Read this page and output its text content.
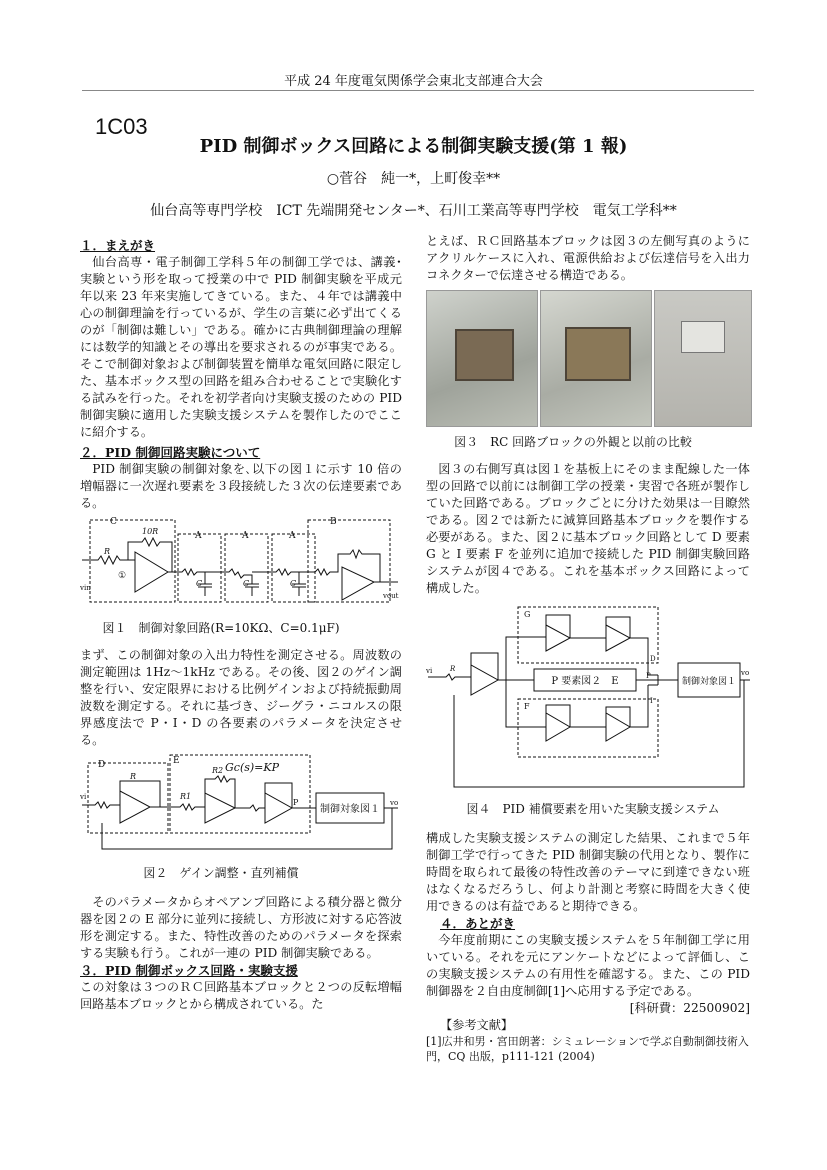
平成 24 年度電気関係学会東北支部連合大会
1C03
PID 制御ボックス回路による制御実験支援(第 1 報)
○菅谷　純一*，上町俊幸**
仙台高等専門学校　ICT 先端開発センター*、石川工業高等専門学校　電気工学科**
１．まえがき

仙台高専・電子制御工学科５年の制御工学では、講義･実験という形を取って授業の中で PID 制御実験を平成元年以来 23 年来実施してきている。また、４年では講義中心の制御理論を行っているが、学生の言葉に必ず出てくるのが「制御は難しい」である。確かに古典制御理論の理解には数学的知識とその導出を要求されるのが事実である。そこで制御対象および制御装置を簡単な電気回路に限定した、基本ボックス型の回路を組み合わせることで実験化する試みを行った。それを初学者向け実験支援のための PID 制御実験に適用した実験支援システムを製作したのでここに紹介する。

２．PID 制御回路実験について

PID 制御実験の制御対象を､以下の図１に示す 10 倍の増幅器に一次遅れ要素を３段接続した３次の伝達要素である。

C
A	A	A
B
R
10R
①
C	C	C
vin
vout
図１　制御対象回路(R=10KΩ、C=0.1μF)

まず、この制御対象の入出力特性を測定させる。周波数の測定範囲は 1Hz～1kHz である。その後、図２のゲイン調整を行い、安定限界における比例ゲインおよび持続振動周波数を測定する。それに基づき、ジーグラ・ニコルスの限界感度法で P・I・D の各要素のパラメータを決定させる。

D	E	Gc(s)=KP
vi
R
R1
R2
P
制御対象図１
vo
図２　ゲイン調整・直列補償

そのパラメータからオペアンプ回路による積分器と微分器を図２の E 部分に並列に接続し、方形波に対する応答波形を測定する。また、特性改善のためのパラメータを探索する実験も行う。これが一連の PID 制御実験である。

３．PID 制御ボックス回路・実験支援

この対象は３つのＲＣ回路基本ブロックと２つの反転増幅回路基本ブロックとから構成されている。た

とえば、ＲＣ回路基本ブロックは図３の左側写真のようにアクリルケースに入れ、電源供給および伝達信号を入出力コネクターで伝達させる構造である。

図３　RC 回路ブロックの外観と以前の比較

図３の右側写真は図１を基板上にそのまま配線した一体型の回路で以前には制御工学の授業・実習で各班が製作していた回路である。ブロックごとに分けた効果は一目瞭然である。図２では新たに減算回路基本ブロックを製作する必要がある。また、図２に基本ブロック回路として D 要素 G と I 要素 F を並列に追加で接続した PID 制御実験回路システムが図４である。これを基本ボックス回路によって構成した。

G
F
vi	R
D
P 要素図２　E	P
I
制御対象図１
vo
図４　PID 補償要素を用いた実験支援システム

構成した実験支援システムの測定した結果、これまで５年制御工学で行ってきた PID 制御実験の代用となり、製作に時間を取られて最後の特性改善のテーマに到達できない班はなくなるだろうし、何より計測と考察に時間を大きく使用できるのは有益であると期待できる。

４．あとがき

今年度前期にこの実験支援システムを５年制御工学に用いている。それを元にアンケートなどによって評価し、この実験支援システムの有用性を確認する。また、この PID 制御器を２自由度制御[1]へ応用する予定である。
[科研費：22500902]

【参考文献】
[1]広井和男・宮田朗著：シミュレーションで学ぶ自動制御技術入門，CQ 出版，p111-121 (2004)
